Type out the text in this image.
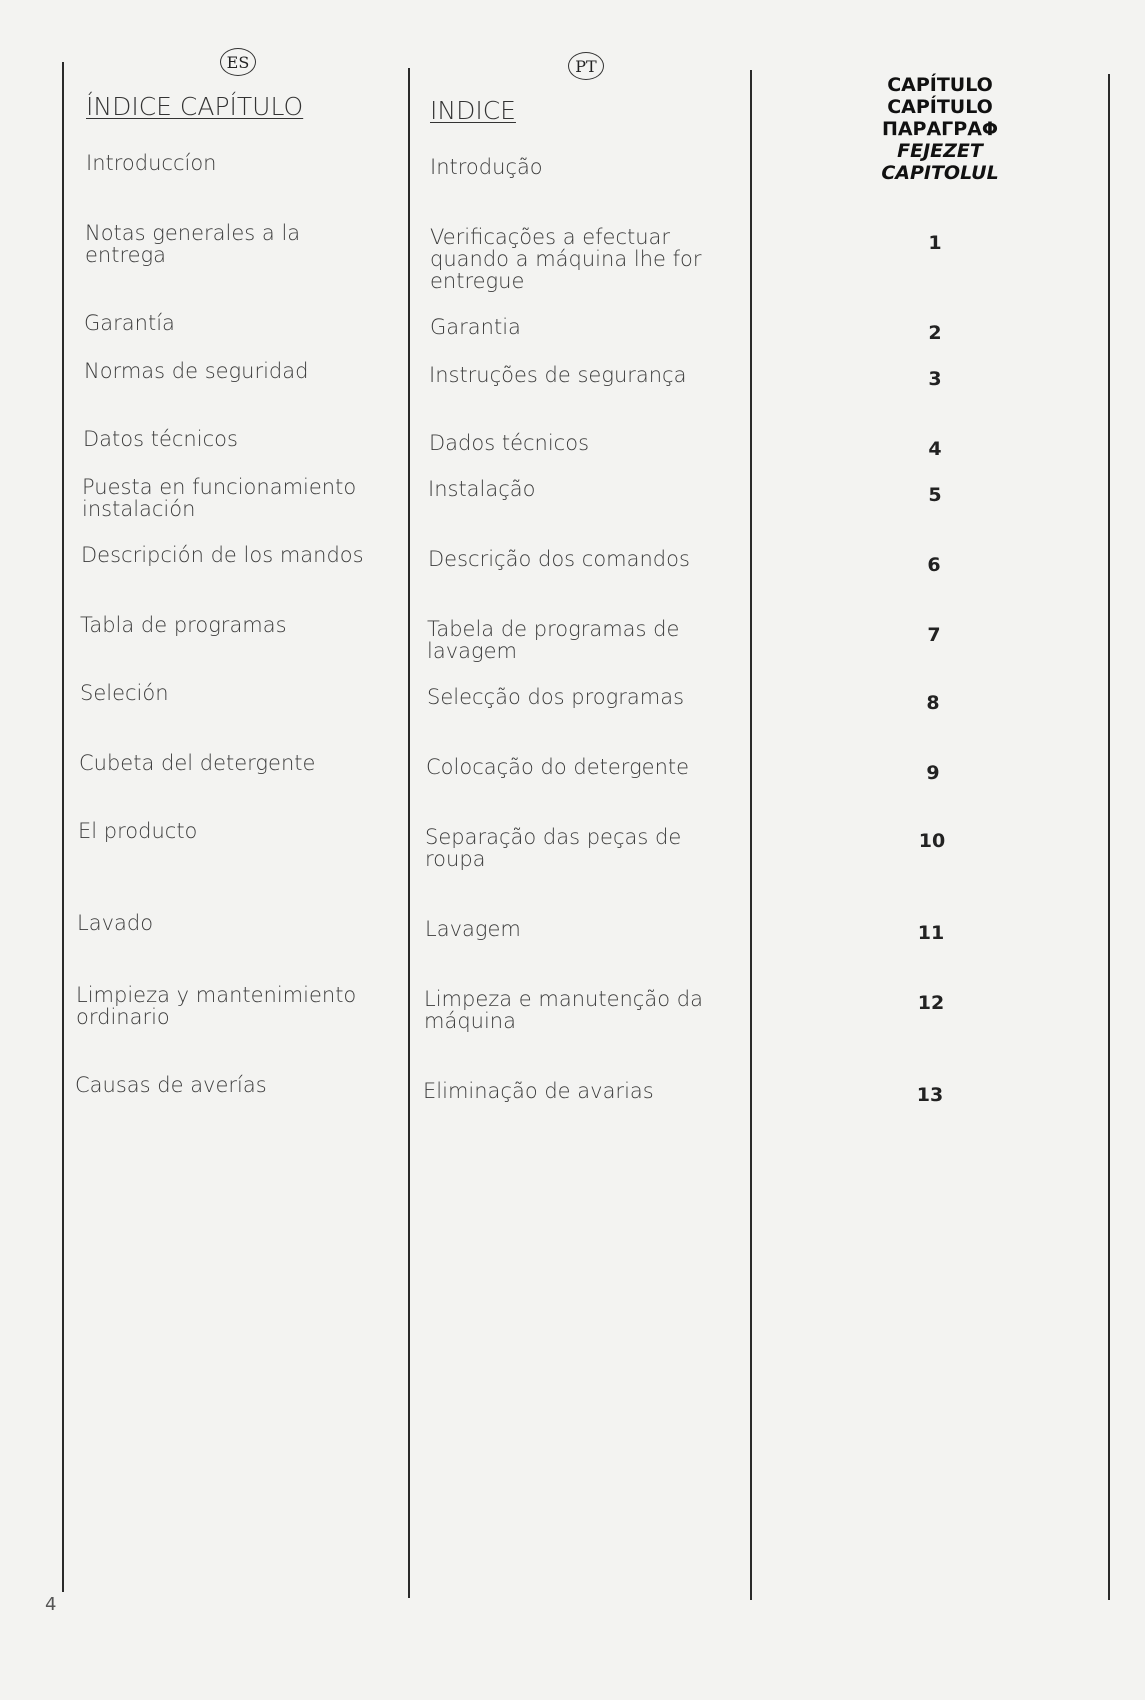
ES
ÍNDICE CAPÍTULO
PT
INDICE
CAPÍTULO
CAPÍTULO
ΠΑΡΑΓΡΑΦ
FEJEZET
CAPITOLUL
Introduccíon
Notas generales a la
entrega
Garantía
Normas de seguridad
Datos técnicos
Puesta en funcionamiento
instalación
Descripción de los mandos
Tabla de programas
Seleción
Cubeta del detergente
El producto
Lavado
Limpieza y mantenimiento
ordinario
Causas de averías
Introdução
Verificações a efectuar
quando a máquina lhe for
entregue
Garantia
Instruções de segurança
Dados técnicos
Instalação
Descrição dos comandos
Tabela de programas de
lavagem
Selecção dos programas
Colocação do detergente
Separação das peças de
roupa
Lavagem
Limpeza e manutenção da
máquina
Eliminação de avarias
1
2
3
4
5
6
7
8
9
10
11
12
13
4
